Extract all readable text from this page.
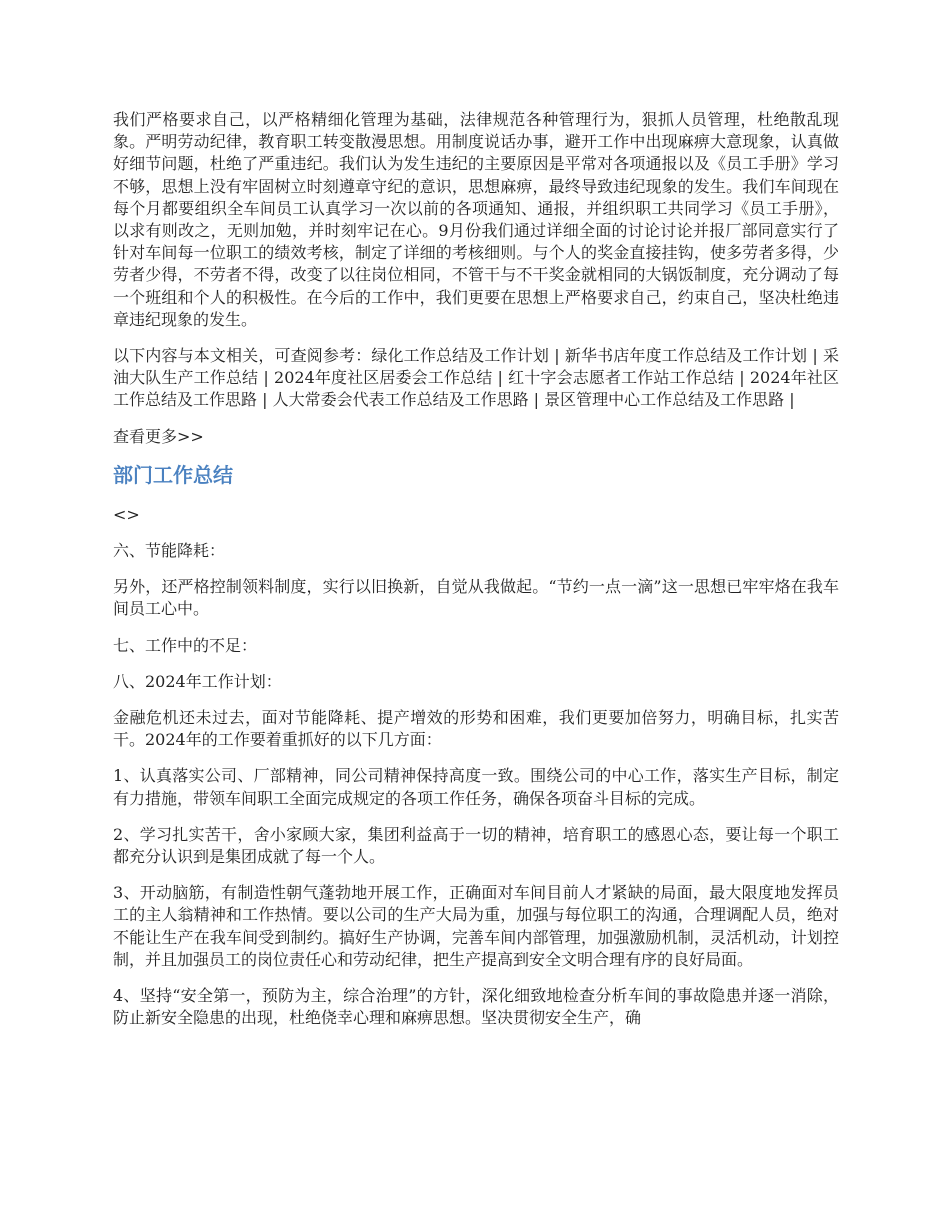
我们严格要求自己，以严格精细化管理为基础，法律规范各种管理行为，狠抓人员管理，杜绝散乱现象。严明劳动纪律，教育职工转变散漫思想。用制度说话办事，避开工作中出现麻痹大意现象，认真做好细节问题，杜绝了严重违纪。我们认为发生违纪的主要原因是平常对各项通报以及《员工手册》学习不够，思想上没有牢固树立时刻遵章守纪的意识，思想麻痹，最终导致违纪现象的发生。我们车间现在每个月都要组织全车间员工认真学习一次以前的各项通知、通报，并组织职工共同学习《员工手册》，以求有则改之，无则加勉，并时刻牢记在心。9月份我们通过详细全面的讨论讨论并报厂部同意实行了针对车间每一位职工的绩效考核，制定了详细的考核细则。与个人的奖金直接挂钩，使多劳者多得，少劳者少得，不劳者不得，改变了以往岗位相同，不管干与不干奖金就相同的大锅饭制度，充分调动了每一个班组和个人的积极性。在今后的工作中，我们更要在思想上严格要求自己，约束自己，坚决杜绝违章违纪现象的发生。

以下内容与本文相关，可查阅参考：绿化工作总结及工作计划 | 新华书店年度工作总结及工作计划 | 采油大队生产工作总结 | 2024年度社区居委会工作总结 | 红十字会志愿者工作站工作总结 | 2024年社区工作总结及工作思路 | 人大常委会代表工作总结及工作思路 | 景区管理中心工作总结及工作思路 |

查看更多>>

部门工作总结

<>

六、节能降耗：

另外，还严格控制领料制度，实行以旧换新，自觉从我做起。“节约一点一滴”这一思想已牢牢烙在我车间员工心中。

七、工作中的不足：

八、2024年工作计划：

金融危机还未过去，面对节能降耗、提产增效的形势和困难，我们更要加倍努力，明确目标，扎实苦干。2024年的工作要着重抓好的以下几方面：

1、认真落实公司、厂部精神，同公司精神保持高度一致。围绕公司的中心工作，落实生产目标，制定有力措施，带领车间职工全面完成规定的各项工作任务，确保各项奋斗目标的完成。

2、学习扎实苦干，舍小家顾大家，集团利益高于一切的精神，培育职工的感恩心态，要让每一个职工都充分认识到是集团成就了每一个人。

3、开动脑筋，有制造性朝气蓬勃地开展工作，正确面对车间目前人才紧缺的局面，最大限度地发挥员工的主人翁精神和工作热情。要以公司的生产大局为重，加强与每位职工的沟通，合理调配人员，绝对不能让生产在我车间受到制约。搞好生产协调，完善车间内部管理，加强激励机制，灵活机动，计划控制，并且加强员工的岗位责任心和劳动纪律，把生产提高到安全文明合理有序的良好局面。

4、坚持“安全第一，预防为主，综合治理”的方针，深化细致地检查分析车间的事故隐患并逐一消除，防止新安全隐患的出现，杜绝侥幸心理和麻痹思想。坚决贯彻安全生产，确
